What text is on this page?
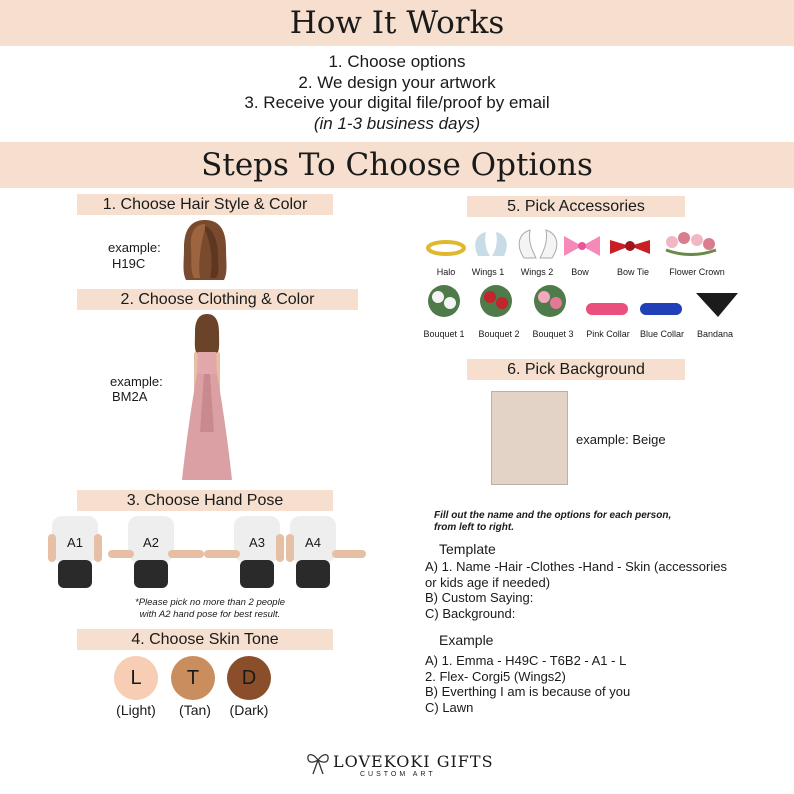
How It Works
1. Choose options
2. We design your artwork
3. Receive your digital file/proof by email
(in 1-3 business days)
Steps To Choose Options
1. Choose Hair Style & Color
example:
H19C
2. Choose Clothing & Color
example:
BM2A
3. Choose Hand Pose
A1	A2	A3	A4
*Please pick no more than 2 people
with A2 hand pose for best result.
4. Choose Skin Tone
L	T	D
(Light)	(Tan)	(Dark)
5. Pick Accessories
Halo	Wings 1	Wings 2	Bow	Bow Tie	Flower Crown
Bouquet 1	Bouquet 2	Bouquet 3	Pink Collar	Blue Collar	Bandana
6. Pick Background
example: Beige
Fill out the name and the options for each person,
from left to right.
Template
A) 1. Name -Hair -Clothes -Hand - Skin (accessories
or kids age if needed)
B) Custom Saying:
C) Background:
Example
A) 1. Emma - H49C - T6B2 - A1 - L
2. Flex- Corgi5 (Wings2)
B) Everthing I am is because of you
C) Lawn
LOVEKOKI GIFTS
CUSTOM ART
